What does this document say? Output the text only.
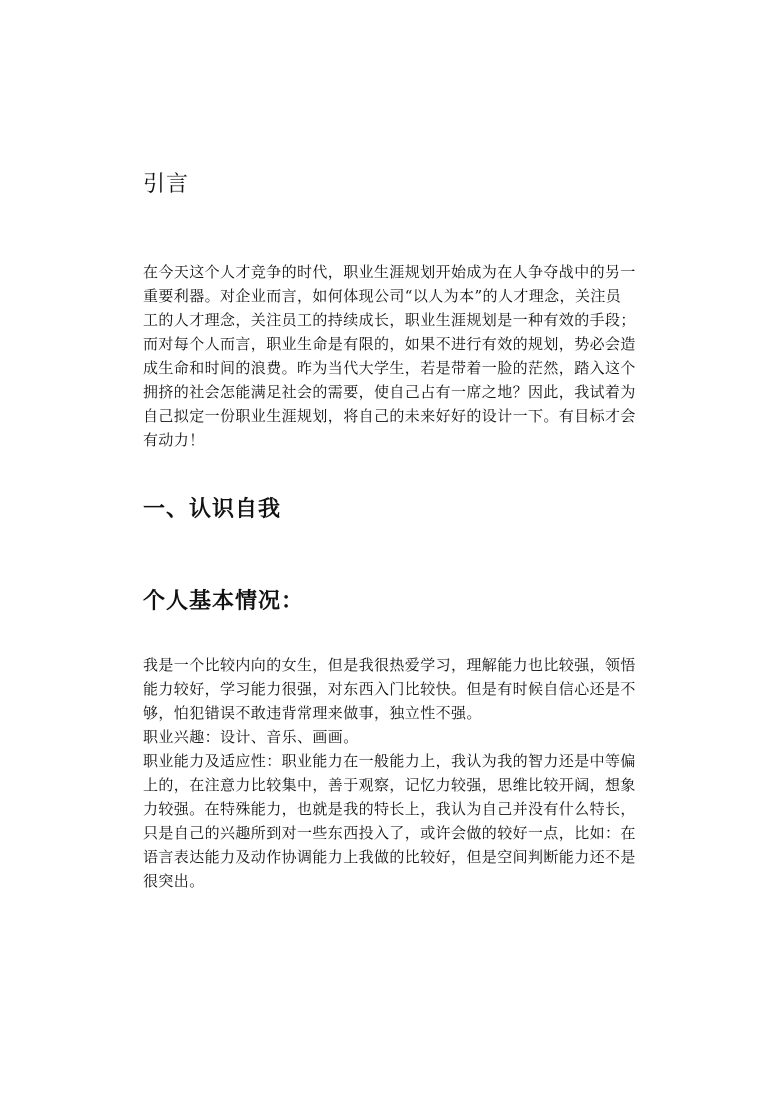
引言
在今天这个人才竞争的时代，职业生涯规划开始成为在人争夺战中的另一
重要利器。对企业而言，如何体现公司“以人为本”的人才理念，关注员
工的人才理念，关注员工的持续成长，职业生涯规划是一种有效的手段；
而对每个人而言，职业生命是有限的，如果不进行有效的规划，势必会造
成生命和时间的浪费。昨为当代大学生，若是带着一脸的茫然，踏入这个
拥挤的社会怎能满足社会的需要，使自己占有一席之地？因此，我试着为
自己拟定一份职业生涯规划，将自己的未来好好的设计一下。有目标才会
有动力！
一、认识自我
个人基本情况：
我是一个比较内向的女生，但是我很热爱学习，理解能力也比较强，领悟
能力较好，学习能力很强，对东西入门比较快。但是有时候自信心还是不
够，怕犯错误不敢违背常理来做事，独立性不强。
职业兴趣：设计、音乐、画画。
职业能力及适应性：职业能力在一般能力上，我认为我的智力还是中等偏
上的，在注意力比较集中，善于观察，记忆力较强，思维比较开阔，想象
力较强。在特殊能力，也就是我的特长上，我认为自己并没有什么特长，
只是自己的兴趣所到对一些东西投入了，或许会做的较好一点，比如：在
语言表达能力及动作协调能力上我做的比较好，但是空间判断能力还不是
很突出。
